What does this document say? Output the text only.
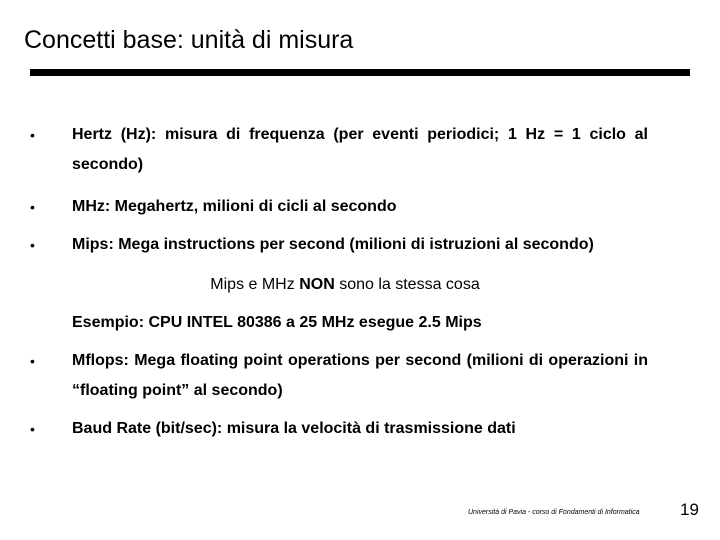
Concetti base: unità di misura
•	Hertz (Hz): misura di frequenza (per eventi periodici; 1 Hz = 1 ciclo al secondo)
•	MHz: Megahertz, milioni di cicli al secondo
•	Mips: Mega instructions per second (milioni di istruzioni al secondo)
Mips e MHz NON sono la stessa cosa
Esempio: CPU INTEL 80386 a 25 MHz esegue 2.5 Mips
•	Mflops: Mega floating point operations per second (milioni di operazioni in “floating point” al secondo)
•	Baud Rate (bit/sec): misura la velocità di trasmissione dati
Università di Pavia - corso di Fondamenti di Informatica 19
